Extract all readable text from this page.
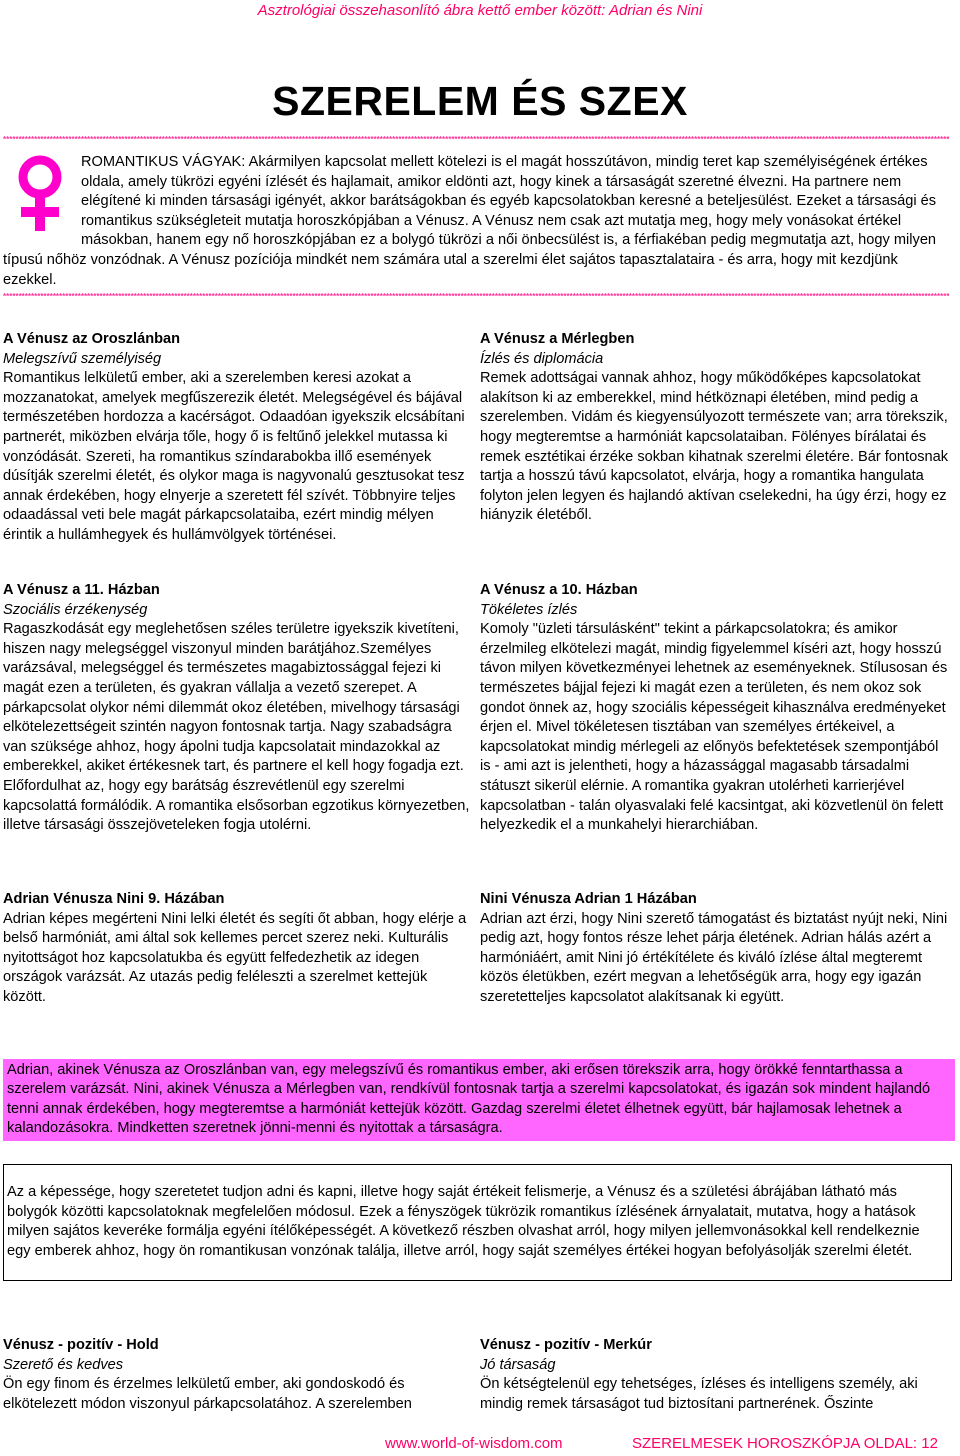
Asztrológiai összehasonlító ábra kettő ember között: Adrian és Nini
SZERELEM ÉS SZEX
****************************************************************************************************************************************************************************************************************************************************************************************************************
ROMANTIKUS VÁGYAK: Akármilyen kapcsolat mellett kötelezi is el magát hosszútávon, mindig teret kap személyiségének értékes oldala, amely tükrözi egyéni ízlését és hajlamait, amikor eldönti azt, hogy kinek a társaságát szeretné élvezni. Ha partnere nem elégítené ki minden társasági igényét, akkor barátságokban és egyéb kapcsolatokban keresné a beteljesülést. Ezeket a társasági és romantikus szükségleteit mutatja horoszkópjában a Vénusz. A Vénusz nem csak azt mutatja meg, hogy mely vonásokat értékel másokban, hanem egy nő horoszkópjában ez a bolygó tükrözi a női önbecsülést is, a férfiakéban pedig megmutatja azt, hogy milyen típusú nőhöz vonzódnak. A Vénusz pozíciója mindkét nem számára utal a szerelmi élet sajátos tapasztalataira - és arra, hogy mit kezdjünk ezekkel.
****************************************************************************************************************************************************************************************************************************************************************************************************************
A Vénusz az Oroszlánban
Melegszívű személyiség

Romantikus lelkületű ember, aki a szerelemben keresi azokat a mozzanatokat, amelyek megfűszerezik életét. Melegségével és bájával természetében hordozza a kacérságot. Odaadóan igyekszik elcsábítani partnerét, miközben elvárja tőle, hogy ő is feltűnő jelekkel mutassa ki vonzódását. Szereti, ha romantikus színdarabokba illő események dúsítják szerelmi életét, és olykor maga is nagyvonalú gesztusokat tesz annak érdekében, hogy elnyerje a szeretett fél szívét. Többnyire teljes odaadással veti bele magát párkapcsolataiba, ezért mindig mélyen érintik a hullámhegyek és hullámvölgyek történései.

A Vénusz a Mérlegben
Ízlés és diplomácia

Remek adottságai vannak ahhoz, hogy működőképes kapcsolatokat alakítson ki az emberekkel, mind hétköznapi életében, mind pedig a szerelemben. Vidám és kiegyensúlyozott természete van; arra törekszik, hogy megteremtse a harmóniát kapcsolataiban. Fölényes bírálatai és remek esztétikai érzéke sokban kihatnak szerelmi életére. Bár fontosnak tartja a hosszú távú kapcsolatot, elvárja, hogy a romantika hangulata folyton jelen legyen és hajlandó aktívan cselekedni, ha úgy érzi, hogy ez hiányzik életéből.

A Vénusz a 11. Házban
Szociális érzékenység

Ragaszkodását egy meglehetősen széles területre igyekszik kivetíteni, hiszen nagy melegséggel viszonyul minden barátjához.Személyes varázsával, melegséggel és természetes magabiztossággal fejezi ki magát ezen a területen, és gyakran vállalja a vezető szerepet. A párkapcsolat olykor némi dilemmát okoz életében, mivelhogy társasági elkötelezettségeit szintén nagyon fontosnak tartja. Nagy szabadságra van szüksége ahhoz, hogy ápolni tudja kapcsolatait mindazokkal az emberekkel, akiket értékesnek tart, és partnere el kell hogy fogadja ezt. Előfordulhat az, hogy egy barátság észrevétlenül egy szerelmi kapcsolattá formálódik. A romantika elsősorban egzotikus környezetben, illetve társasági összejöveteleken fogja utolérni.

A Vénusz a 10. Házban
Tökéletes ízlés

Komoly "üzleti társulásként" tekint a párkapcsolatokra; és amikor érzelmileg elkötelezi magát, mindig figyelemmel kíséri azt, hogy hosszú távon milyen következményei lehetnek az eseményeknek. Stílusosan és természetes bájjal fejezi ki magát ezen a területen, és nem okoz sok gondot önnek az, hogy szociális képességeit kihasználva eredményeket érjen el. Mivel tökéletesen tisztában van személyes értékeivel, a kapcsolatokat mindig mérlegeli az előnyös befektetések szempontjából is - ami azt is jelentheti, hogy a házassággal magasabb társadalmi státuszt sikerül elérnie. A romantika gyakran utolérheti karrierjével kapcsolatban - talán olyasvalaki felé kacsintgat, aki közvetlenül ön felett helyezkedik el a munkahelyi hierarchiában.

Adrian Vénusza Nini 9. Házában

Adrian képes megérteni Nini lelki életét és segíti őt abban, hogy elérje a belső harmóniát, ami által sok kellemes percet szerez neki. Kulturális nyitottságot hoz kapcsolatukba és együtt felfedezhetik az idegen országok varázsát. Az utazás pedig feléleszti a szerelmet kettejük között.

Nini Vénusza Adrian 1 Házában

Adrian azt érzi, hogy Nini szerető támogatást és biztatást nyújt neki, Nini pedig azt, hogy fontos része lehet párja életének. Adrian hálás azért a harmóniáért, amit Nini jó értékítélete és kiváló ízlése által megteremt közös életükben, ezért megvan a lehetőségük arra, hogy egy igazán szeretetteljes kapcsolatot alakítsanak ki együtt.

Adrian, akinek Vénusza az Oroszlánban van, egy melegszívű és romantikus ember, aki erősen törekszik arra, hogy örökké fenntarthassa a szerelem varázsát. Nini, akinek Vénusza a Mérlegben van, rendkívül fontosnak tartja a szerelmi kapcsolatokat, és igazán sok mindent hajlandó tenni annak érdekében, hogy megteremtse a harmóniát kettejük között. Gazdag szerelmi életet élhetnek együtt, bár hajlamosak lehetnek a kalandozásokra. Mindketten szeretnek jönni-menni és nyitottak a társaságra.
Az a képessége, hogy szeretetet tudjon adni és kapni, illetve hogy saját értékeit felismerje, a Vénusz és a születési ábrájában látható más bolygók közötti kapcsolatoknak megfelelően módosul. Ezek a fényszögek tükrözik romantikus ízlésének árnyalatait, mutatva, hogy a hatások milyen sajátos keveréke formálja egyéni ítélőképességét. A következő részben olvashat arról, hogy milyen jellemvonásokkal kell rendelkeznie egy emberek ahhoz, hogy ön romantikusan vonzónak találja, illetve arról, hogy saját személyes értékei hogyan befolyásolják szerelmi életét.
Vénusz - pozitív - Hold
Szerető és kedves

Ön egy finom és érzelmes lelkületű ember, aki gondoskodó és elkötelezett módon viszonyul párkapcsolatához. A szerelemben

Vénusz - pozitív - Merkúr
Jó társaság

Ön kétségtelenül egy tehetséges, ízléses és intelligens személy, aki mindig remek társaságot tud biztosítani partnerének. Őszinte

www.world-of-wisdom.com	SZERELMESEK HOROSZKÓPJA OLDAL: 12
